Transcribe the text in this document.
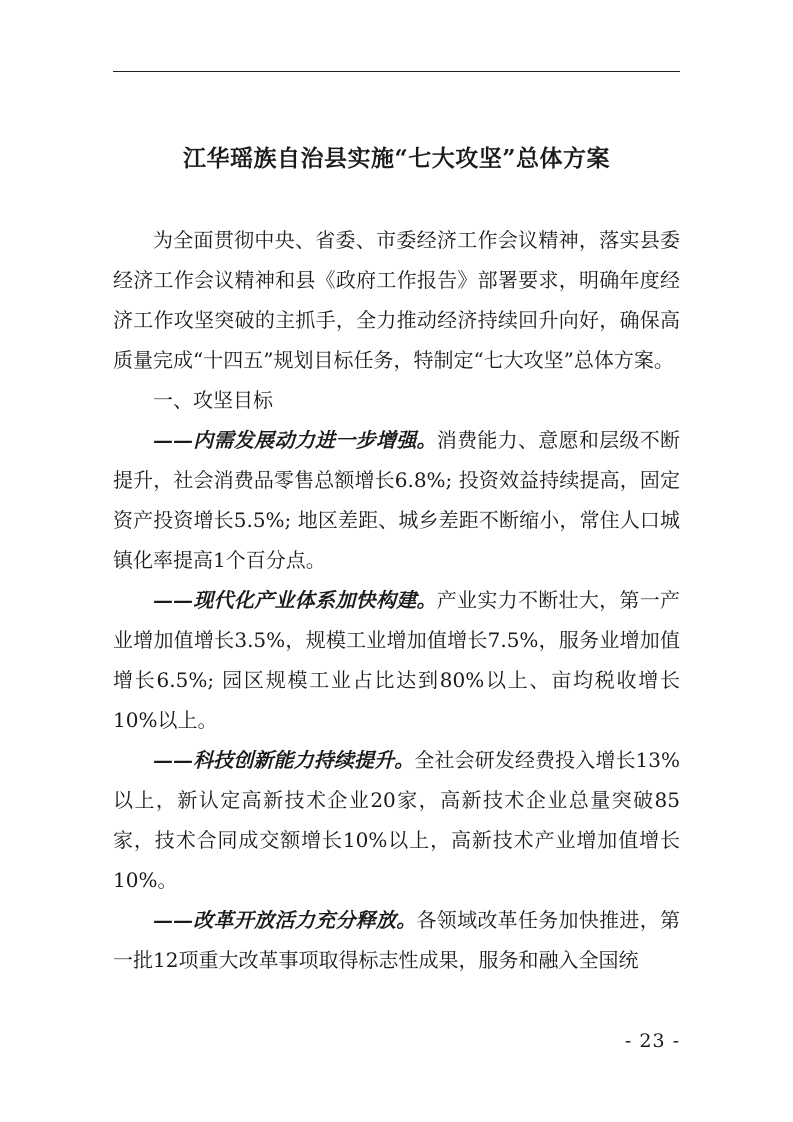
江华瑶族自治县实施“七大攻坚”总体方案

为全面贯彻中央、省委、市委经济工作会议精神，落实县委经济工作会议精神和县《政府工作报告》部署要求，明确年度经济工作攻坚突破的主抓手，全力推动经济持续回升向好，确保高质量完成“十四五”规划目标任务，特制定“七大攻坚”总体方案。

一、攻坚目标

——内需发展动力进一步增强。消费能力、意愿和层级不断 提升，社会消费品零售总额增长6.8%; 投资效益持续提高，固定资产投资增长5.5%; 地区差距、城乡差距不断缩小，常住人口城镇化率提高1个百分点。

——现代化产业体系加快构建。产业实力不断壮大，第一产 业增加值增长3.5%，规模工业增加值增长7.5%，服务业增加值增长6.5%; 园区规模工业占比达到80%以上、亩均税收增长10%以上。

——科技创新能力持续提升。全社会研发经费投入增长13%以上，新认定高新技术企业20家，高新技术企业总量突破85家，技术合同成交额增长10%以上，高新技术产业增加值增长10%。

——改革开放活力充分释放。各领域改革任务加快推进，第一批12项重大改革事项取得标志性成果，服务和融入全国统

- 23 -
